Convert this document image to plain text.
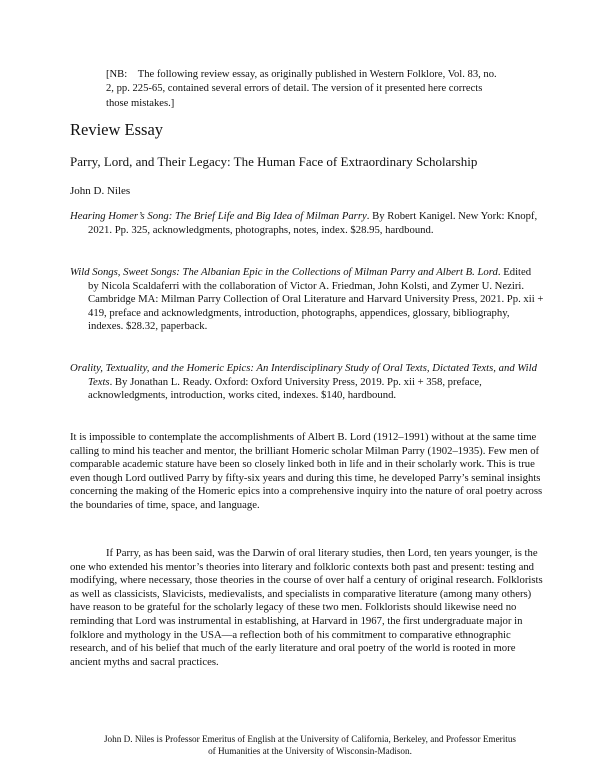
[NB:    The following review essay, as originally published in Western Folklore, Vol. 83, no. 2, pp. 225-65, contained several errors of detail. The version of it presented here corrects those mistakes.]
Review Essay
Parry, Lord, and Their Legacy: The Human Face of Extraordinary Scholarship
John D. Niles
Hearing Homer’s Song: The Brief Life and Big Idea of Milman Parry. By Robert Kanigel. New York: Knopf, 2021. Pp. 325, acknowledgments, photographs, notes, index. $28.95, hardbound.
Wild Songs, Sweet Songs: The Albanian Epic in the Collections of Milman Parry and Albert B. Lord. Edited by Nicola Scaldaferri with the collaboration of Victor A. Friedman, John Kolsti, and Zymer U. Neziri. Cambridge MA: Milman Parry Collection of Oral Literature and Harvard University Press, 2021. Pp. xii + 419, preface and acknowledgments, introduction, photographs, appendices, glossary, bibliography, indexes. $28.32, paperback.
Orality, Textuality, and the Homeric Epics: An Interdisciplinary Study of Oral Texts, Dictated Texts, and Wild Texts. By Jonathan L. Ready. Oxford: Oxford University Press, 2019. Pp. xii + 358, preface, acknowledgments, introduction, works cited, indexes. $140, hardbound.
It is impossible to contemplate the accomplishments of Albert B. Lord (1912–1991) without at the same time calling to mind his teacher and mentor, the brilliant Homeric scholar Milman Parry (1902–1935). Few men of comparable academic stature have been so closely linked both in life and in their scholarly work. This is true even though Lord outlived Parry by fifty-six years and during this time, he developed Parry’s seminal insights concerning the making of the Homeric epics into a comprehensive inquiry into the nature of oral poetry across the boundaries of time, space, and language.
If Parry, as has been said, was the Darwin of oral literary studies, then Lord, ten years younger, is the one who extended his mentor’s theories into literary and folkloric contexts both past and present: testing and modifying, where necessary, those theories in the course of over half a century of original research. Folklorists as well as classicists, Slavicists, medievalists, and specialists in comparative literature (among many others) have reason to be grateful for the scholarly legacy of these two men. Folklorists should likewise need no reminding that Lord was instrumental in establishing, at Harvard in 1967, the first undergraduate major in folklore and mythology in the USA—a reflection both of his commitment to comparative ethnographic research, and of his belief that much of the early literature and oral poetry of the world is rooted in more ancient myths and sacral practices.
John D. Niles is Professor Emeritus of English at the University of California, Berkeley, and Professor Emeritus of Humanities at the University of Wisconsin-Madison.
